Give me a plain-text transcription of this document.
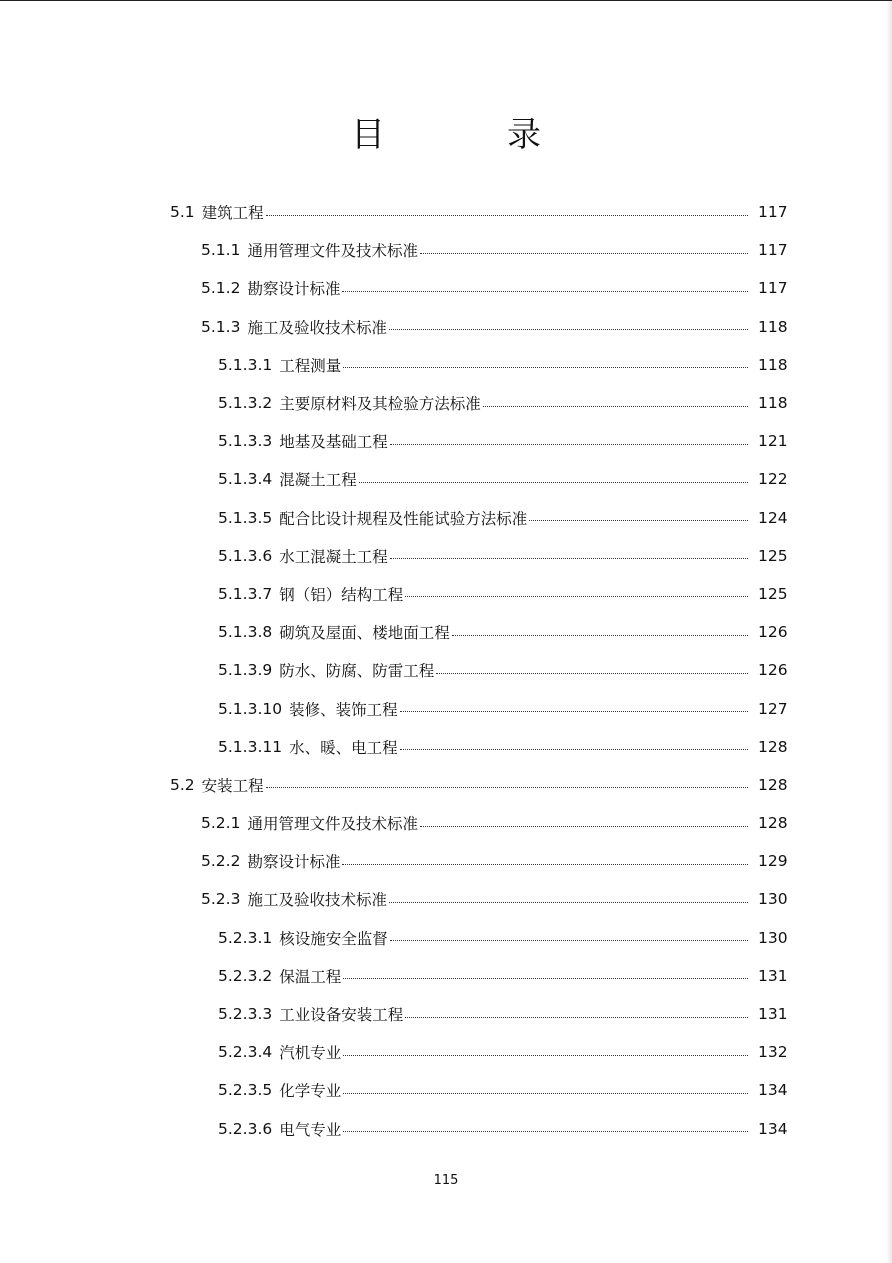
目　录
5.1 建筑工程	117
5.1.1 通用管理文件及技术标准	117
5.1.2 勘察设计标准	117
5.1.3 施工及验收技术标准	118
5.1.3.1 工程测量	118
5.1.3.2 主要原材料及其检验方法标准	118
5.1.3.3 地基及基础工程	121
5.1.3.4 混凝土工程	122
5.1.3.5 配合比设计规程及性能试验方法标准	124
5.1.3.6 水工混凝土工程	125
5.1.3.7 钢（铝）结构工程	125
5.1.3.8 砌筑及屋面、楼地面工程	126
5.1.3.9 防水、防腐、防雷工程	126
5.1.3.10 装修、装饰工程	127
5.1.3.11 水、暖、电工程	128
5.2 安装工程	128
5.2.1 通用管理文件及技术标准	128
5.2.2 勘察设计标准	129
5.2.3 施工及验收技术标准	130
5.2.3.1 核设施安全监督	130
5.2.3.2 保温工程	131
5.2.3.3 工业设备安装工程	131
5.2.3.4 汽机专业	132
5.2.3.5 化学专业	134
5.2.3.6 电气专业	134
115
